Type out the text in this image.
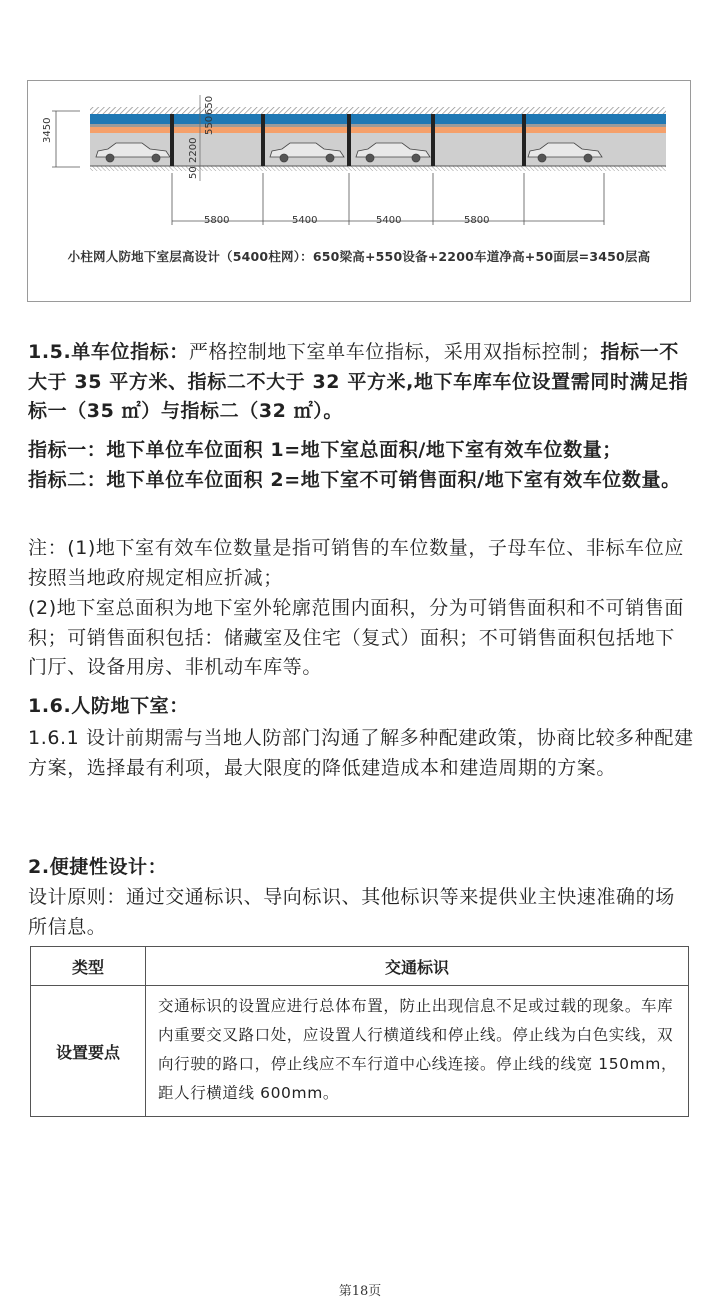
3450
650
550
2200
50
5800	5400	5400	5800
小柱网人防地下室层高设计（5400柱网）：650梁高+550设备+2200车道净高+50面层=3450层高
1.5.单车位指标：严格控制地下室单车位指标，采用双指标控制；指标一不大于 35 平方米、指标二不大于 32 平方米,地下车库车位设置需同时满足指标一（35 ㎡）与指标二（32 ㎡）。
指标一：地下单位车位面积 1=地下室总面积/地下室有效车位数量；
指标二：地下单位车位面积 2=地下室不可销售面积/地下室有效车位数量。
注：(1)地下室有效车位数量是指可销售的车位数量，子母车位、非标车位应按照当地政府规定相应折减；
(2)地下室总面积为地下室外轮廓范围内面积，分为可销售面积和不可销售面积；可销售面积包括：储藏室及住宅（复式）面积；不可销售面积包括地下门厅、设备用房、非机动车库等。
1.6.人防地下室：
1.6.1 设计前期需与当地人防部门沟通了解多种配建政策，协商比较多种配建方案，选择最有利项，最大限度的降低建造成本和建造周期的方案。
2.便捷性设计：
设计原则：通过交通标识、导向标识、其他标识等来提供业主快速准确的场所信息。
类型	交通标识
设置要点	交通标识的设置应进行总体布置，防止出现信息不足或过载的现象。车库内重要交叉路口处，应设置人行横道线和停止线。停止线为白色实线，双向行驶的路口，停止线应不车行道中心线连接。停止线的线宽 150mm，距人行横道线 600mm。
第18页
